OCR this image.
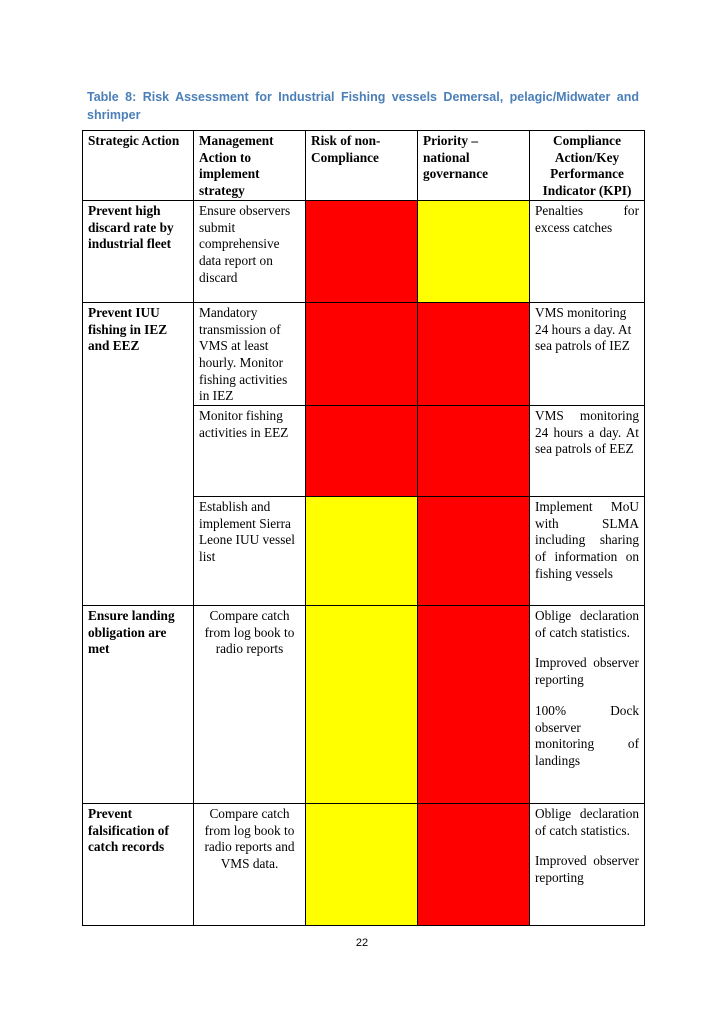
Table 8: Risk Assessment for Industrial Fishing vessels Demersal, pelagic/Midwater and shrimper

Strategic Action	Management Action to implement strategy	Risk of non-Compliance	Priority – national governance	Compliance Action/Key Performance Indicator (KPI)
Prevent high discard rate by industrial fleet	Ensure observers submit comprehensive data report on discard			Penalties for excess catches

Prevent IUU fishing in IEZ and EEZ	Mandatory transmission of VMS at least hourly. Monitor fishing activities in IEZ			VMS monitoring 24 hours a day. At sea patrols of IEZ

	Monitor fishing activities in EEZ			VMS monitoring 24 hours a day. At sea patrols of EEZ

	Establish and implement Sierra Leone IUU vessel list			Implement MoU with SLMA including sharing of information on fishing vessels

Ensure landing obligation are met	Compare catch from log book to radio reports			Oblige declaration of catch statistics.

Improved observer reporting

100% Dock observer monitoring of landings

Prevent falsification of catch records	Compare catch from log book to radio reports and VMS data.			Oblige declaration of catch statistics.

Improved observer reporting

22
